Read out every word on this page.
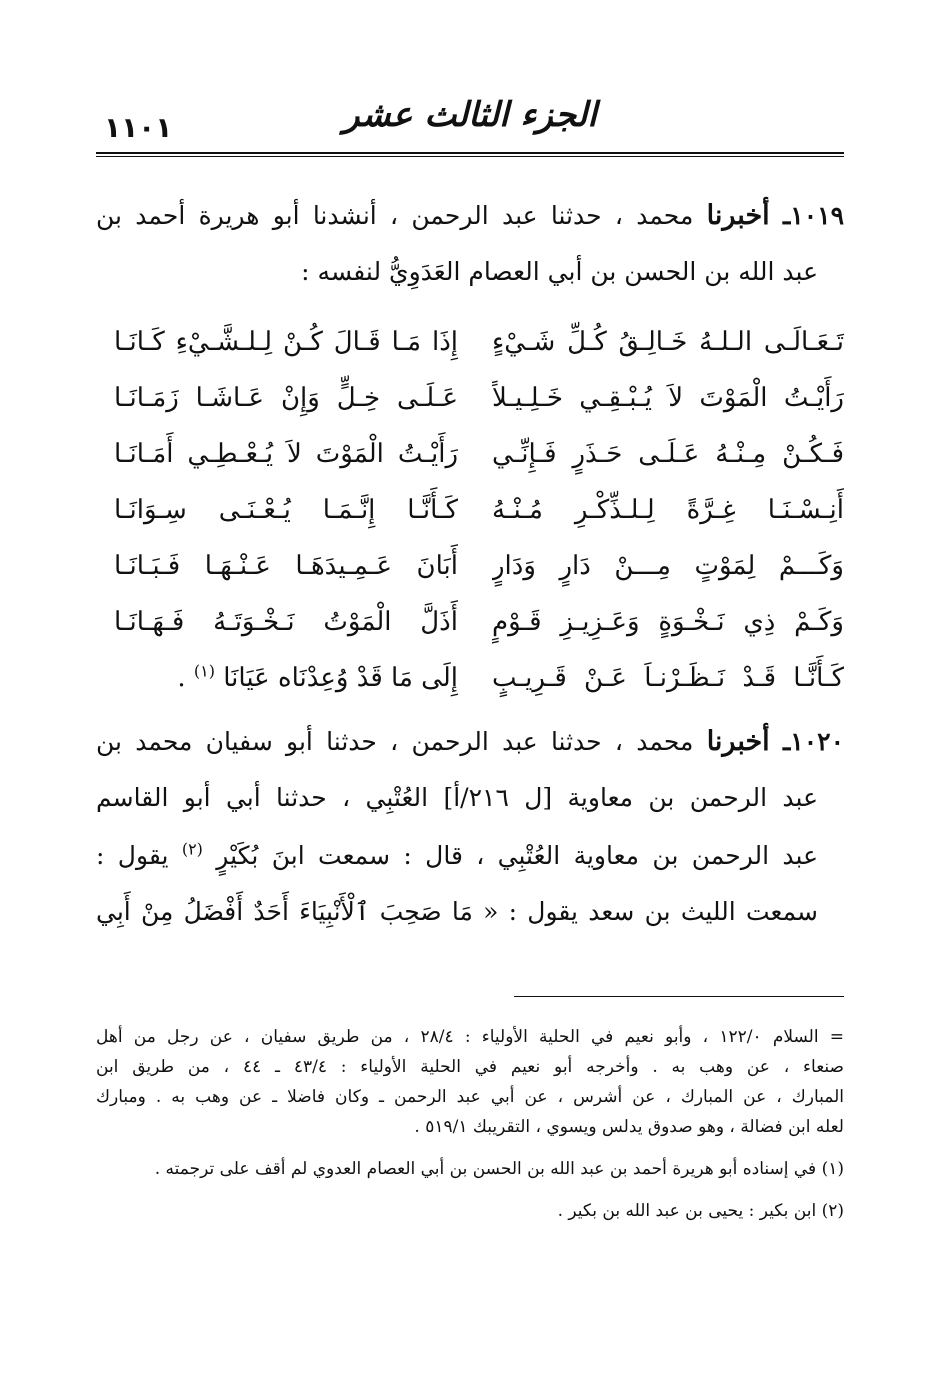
الجزء الثالث عشر
١١٠١
١٠١٩ـ أخبرنا محمد ، حدثنا عبد الرحمن ، أنشدنا أبو هريرة أحمد بن
عبد الله بن الحسن بن أبي العصام العَدَوِيُّ لنفسه :
تَـعَـالَـى الـلـهُ خَـالِـقُ كُـلِّ شَـيْءٍ
إِذَا مَـا قَـالَ كُـنْ لِـلـشَّـيْءِ كَـانَـا
رَأَيْـتُ الْمَوْتَ لاَ يُـبْـقِـي خَـلِـيـلاً
عَـلَـى خِـلٍّ وَإِنْ عَـاشَـا زَمَـانَـا
فَـكُـنْ مِـنْـهُ عَـلَـى حَـذَرٍ فَـإِنِّـي
رَأَيْـتُ الْمَوْتَ لاَ يُـعْـطِـي أَمَـانَـا
أَنِـسْـنَـا غِـرَّةً لِـلـذِّكْـرِ مُـنْـهُ
كَـأَنَّـا إِنَّـمَـا يُـعْـنَـى سِـوَانَـا
وَكَـــمْ لِمَوْتٍ مِـــنْ دَارٍ وَدَارٍ
أَبَانَ عَـمِـيدَهَـا عَـنْـهَـا فَـبَـانَـا
وَكَـمْ ذِي نَـخْـوَةٍ وَعَـزِيـزِ قَـوْمٍ
أَذَلَّ الْمَوْتُ نَـخْـوَتَـهُ فَـهَـانَـا
كَـأَنَّـا قَـدْ نَـظَـرْنـاَ عَـنْ قَـرِيـبٍ
إِلَى مَا قَدْ وُعِدْنَاه عَيَانَا $^{(١)}$ .
١٠٢٠ـ أخبرنا محمد ، حدثنا عبد الرحمن ، حدثنا أبو سفيان محمد بن
عبد الرحمن بن معاوية [ل ٢١٦/أ] العُتْبِي ، حدثنا أبي أبو القاسم
عبد الرحمن بن معاوية العُتْبِي ، قال : سمعت ابنَ بُكَيْرٍ $^{(٢)}$ يقول :
سمعت الليث بن سعد يقول : « مَا صَحِبَ ٱلْأَنْبِيَاءَ أَحَدٌ أَفْضَلُ مِنْ أَبِي
= السلام ١٢٢/٠ ، وأبو نعيم في الحلية الأولياء : ٢٨/٤ ، من طريق سفيان ، عن رجل من أهل
صنعاء ، عن وهب به . وأخرجه أبو نعيم في الحلية الأولياء : ٤٣/٤ ـ ٤٤ ، من طريق ابن
المبارك ، عن المبارك ، عن أشرس ، عن أبي عبد الرحمن ـ وكان فاضلا ـ عن وهب به . ومبارك
لعله ابن فضالة ، وهو صدوق يدلس ويسوي ، التقريبك ٥١٩/١ .
(١) في إسناده أبو هريرة أحمد بن عبد الله بن الحسن بن أبي العصام العدوي لم أقف على ترجمته .
(٢) ابن بكير : يحيى بن عبد الله بن بكير .
